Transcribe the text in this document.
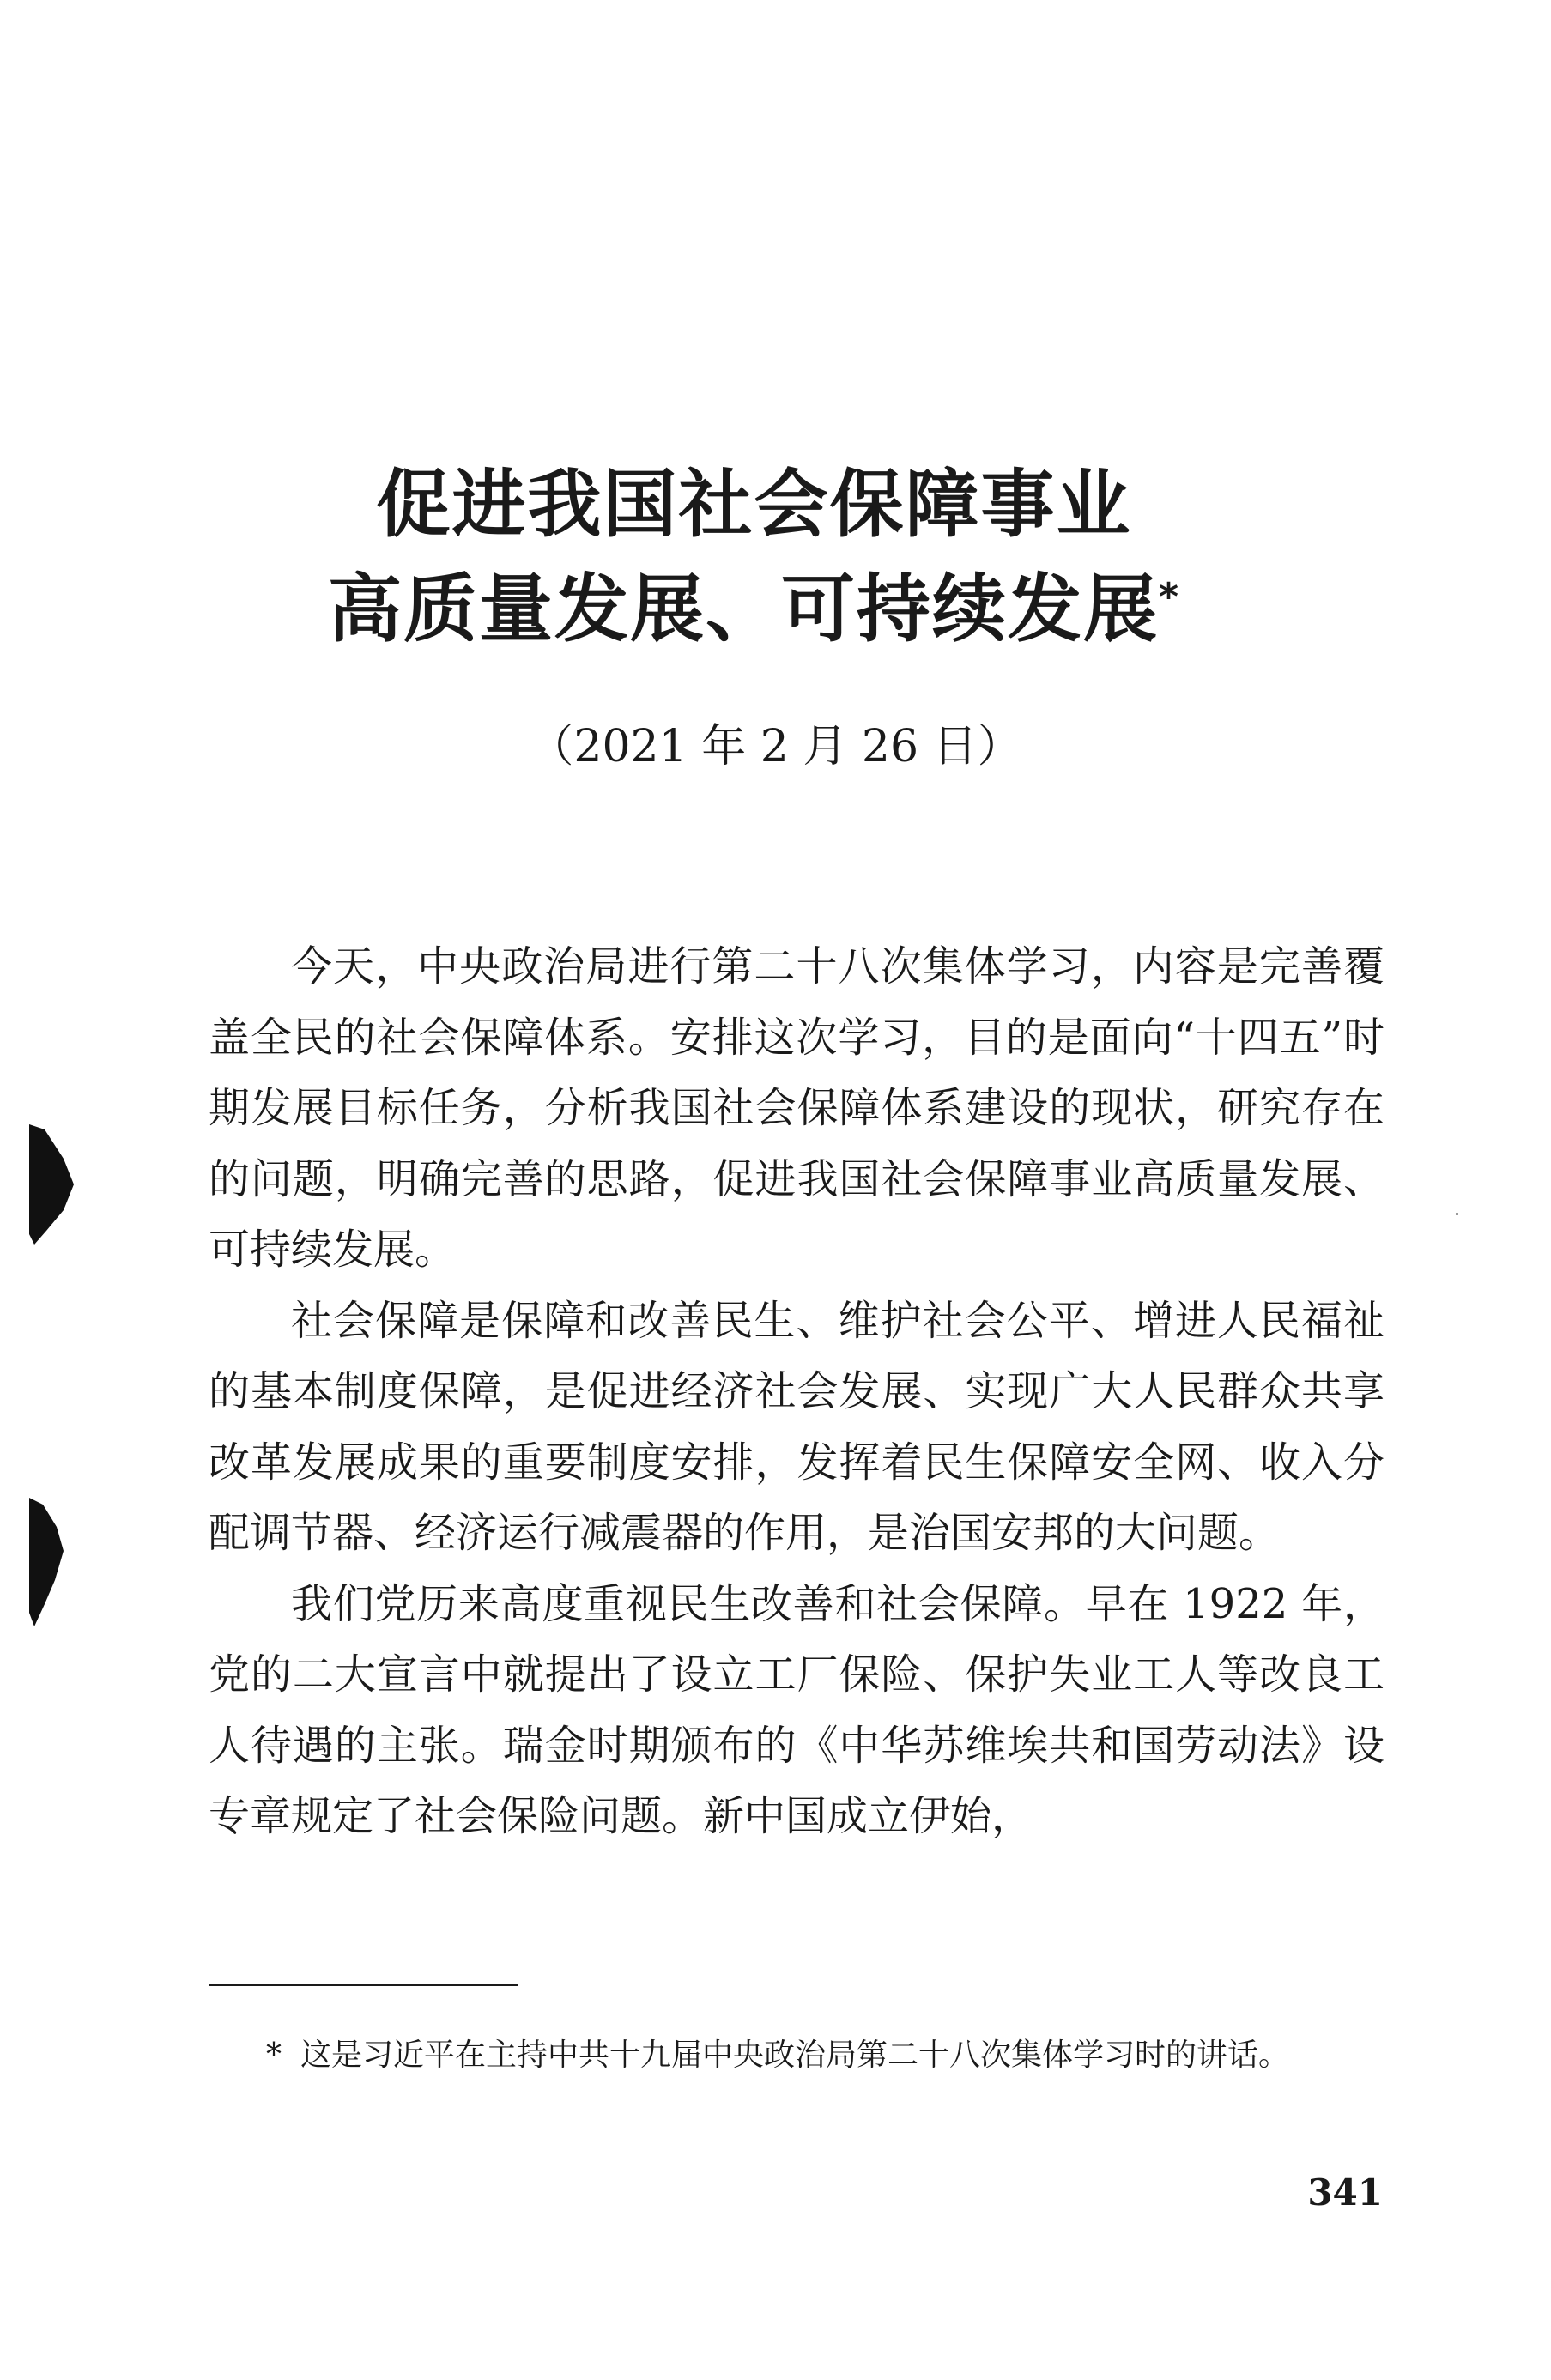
促进我国社会保障事业
高质量发展、可持续发展*
（2021 年 2 月 26 日）

今天，中央政治局进行第二十八次集体学习，内容是完善覆盖全民的社会保障体系。安排这次学习，目的是面向“十四五”时期发展目标任务，分析我国社会保障体系建设的现状，研究存在的问题，明确完善的思路，促进我国社会保障事业高质量发展、可持续发展。

社会保障是保障和改善民生、维护社会公平、增进人民福祉的基本制度保障，是促进经济社会发展、实现广大人民群众共享改革发展成果的重要制度安排，发挥着民生保障安全网、收入分配调节器、经济运行减震器的作用，是治国安邦的大问题。

我们党历来高度重视民生改善和社会保障。早在 1922 年，党的二大宣言中就提出了设立工厂保险、保护失业工人等改良工人待遇的主张。瑞金时期颁布的《中华苏维埃共和国劳动法》设专章规定了社会保险问题。新中国成立伊始，

* 这是习近平在主持中共十九届中央政治局第二十八次集体学习时的讲话。
341
